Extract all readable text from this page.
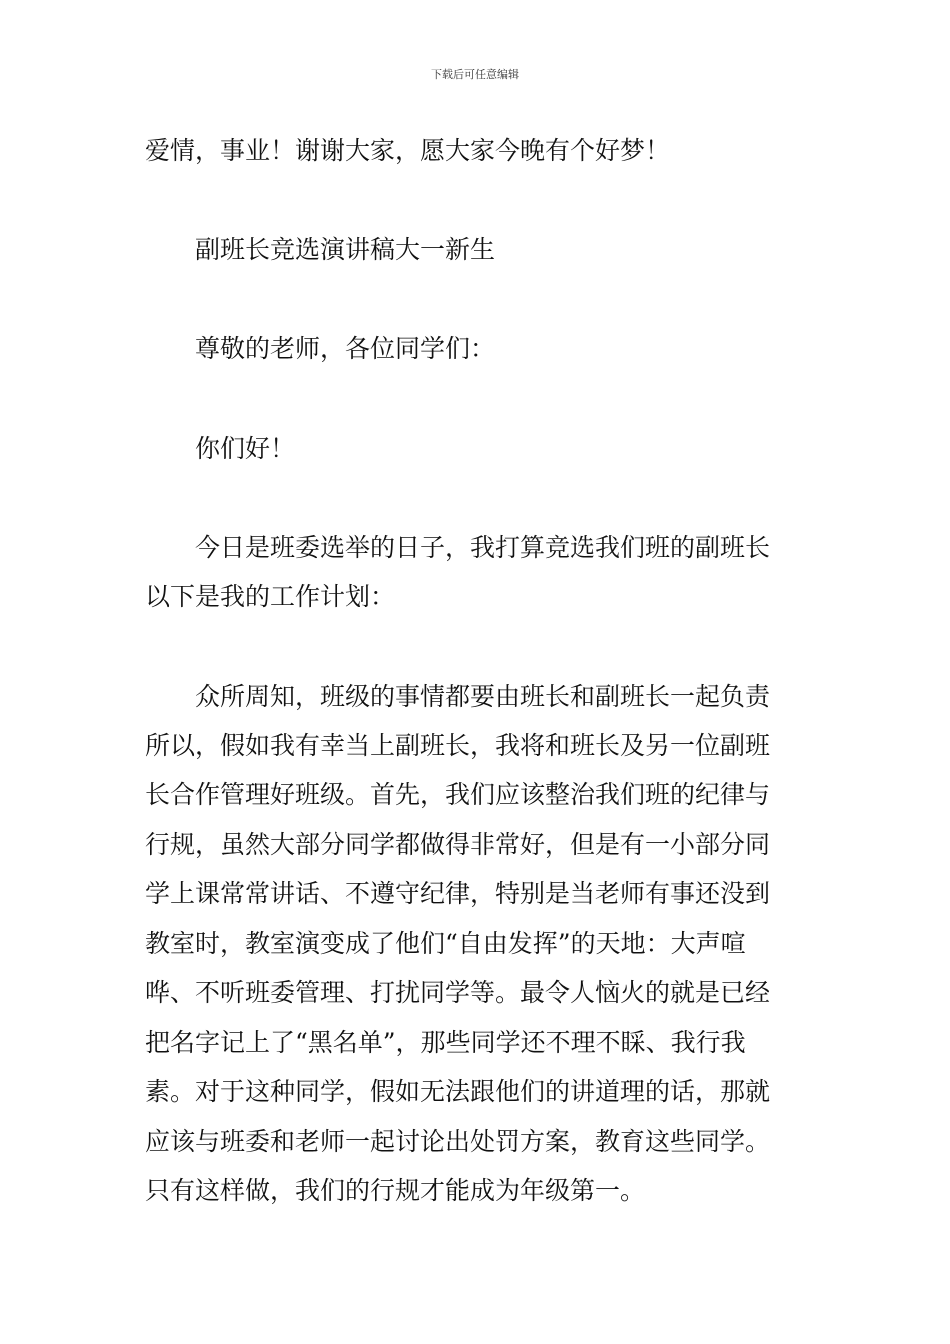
下载后可任意编辑
爱情，事业！谢谢大家，愿大家今晚有个好梦！
副班长竞选演讲稿大一新生
尊敬的老师，各位同学们：
你们好！
今日是班委选举的日子，我打算竞选我们班的副班长
以下是我的工作计划：
众所周知，班级的事情都要由班长和副班长一起负责
所以，假如我有幸当上副班长，我将和班长及另一位副班
长合作管理好班级。首先，我们应该整治我们班的纪律与
行规，虽然大部分同学都做得非常好，但是有一小部分同
学上课常常讲话、不遵守纪律，特别是当老师有事还没到
教室时，教室演变成了他们“自由发挥”的天地：大声喧
哗、不听班委管理、打扰同学等。最令人恼火的就是已经
把名字记上了“黑名单”，那些同学还不理不睬、我行我
素。对于这种同学，假如无法跟他们的讲道理的话，那就
应该与班委和老师一起讨论出处罚方案，教育这些同学。
只有这样做，我们的行规才能成为年级第一。
